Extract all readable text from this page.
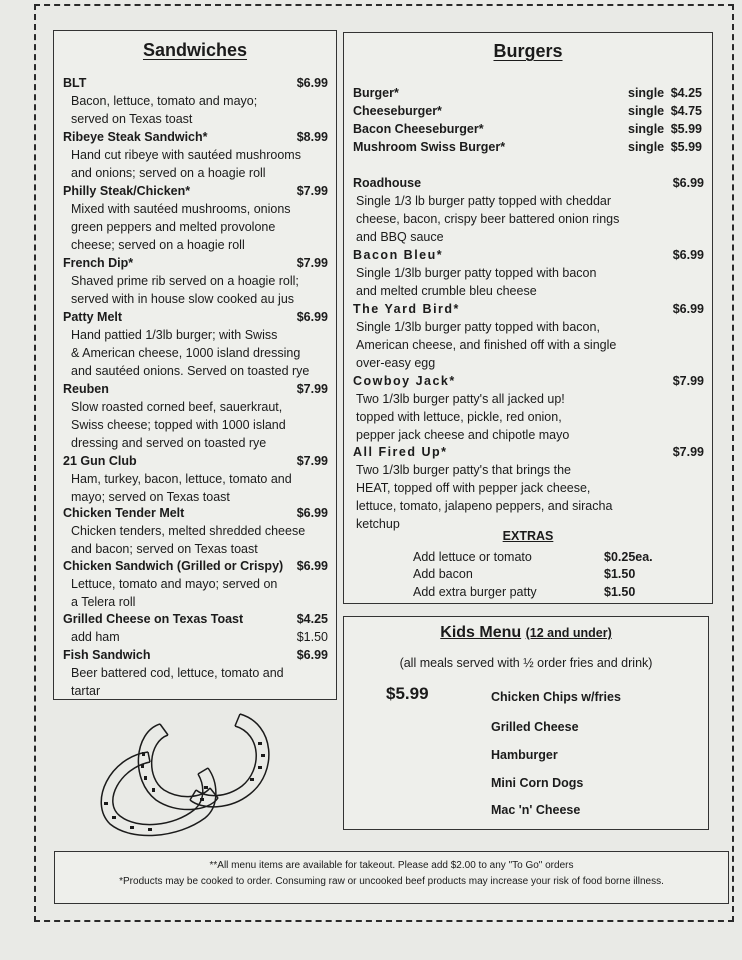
Sandwiches
BLT	$6.99
Bacon, lettuce, tomato and mayo;
served on Texas toast
Ribeye Steak Sandwich*	$8.99
Hand cut ribeye with sautéed mushrooms
and onions; served on a hoagie roll
Philly Steak/Chicken*	$7.99
Mixed with sautéed mushrooms, onions
green peppers and melted provolone
cheese; served on a hoagie roll
French Dip*	$7.99
Shaved prime rib served on a hoagie roll;
served with in house slow cooked au jus
Patty Melt	$6.99
Hand pattied 1/3lb burger; with Swiss
& American cheese, 1000 island dressing
and sautéed onions. Served on toasted rye
Reuben	$7.99
Slow roasted corned beef, sauerkraut,
Swiss cheese; topped with 1000 island
dressing and served on toasted rye
21 Gun Club	$7.99
Ham, turkey, bacon, lettuce, tomato and
mayo; served on Texas toast
Chicken Tender Melt	$6.99
Chicken tenders, melted shredded cheese
and bacon; served on Texas toast
Chicken Sandwich (Grilled or Crispy)	$6.99
Lettuce, tomato and mayo; served on
a Telera roll
Grilled Cheese on Texas Toast	$4.25
add ham	$1.50
Fish Sandwich	$6.99
Beer battered cod, lettuce, tomato and
tartar
Burgers
Burger*	single $4.25
Cheeseburger*	single $4.75
Bacon Cheeseburger*	single $5.99
Mushroom Swiss Burger*	single $5.99
Roadhouse	$6.99
Single 1/3 lb burger patty topped with cheddar
cheese, bacon, crispy beer battered onion rings
and BBQ sauce
Bacon Bleu*	$6.99
Single 1/3lb burger patty topped with bacon
and melted crumble bleu cheese
The Yard Bird*	$6.99
Single 1/3lb burger patty topped with bacon,
American cheese, and finished off with a single
over-easy egg
Cowboy Jack*	$7.99
Two 1/3lb burger patty's all jacked up!
topped with lettuce, pickle, red onion,
pepper jack cheese and chipotle mayo
All Fired Up*	$7.99
Two 1/3lb burger patty's that brings the
HEAT, topped off with pepper jack cheese,
lettuce, tomato, jalapeno peppers, and siracha
ketchup
EXTRAS
Add lettuce or tomato	$0.25ea.
Add bacon	$1.50
Add extra burger patty	$1.50
Kids Menu (12 and under)
(all meals served with ½ order fries and drink)
$5.99	Chicken Chips w/fries
Grilled Cheese
Hamburger
Mini Corn Dogs
Mac 'n' Cheese
**All menu items are available for takeout. Please add $2.00 to any "To Go" orders
*Products may be cooked to order. Consuming raw or uncooked beef products may increase your risk of food borne illness.
